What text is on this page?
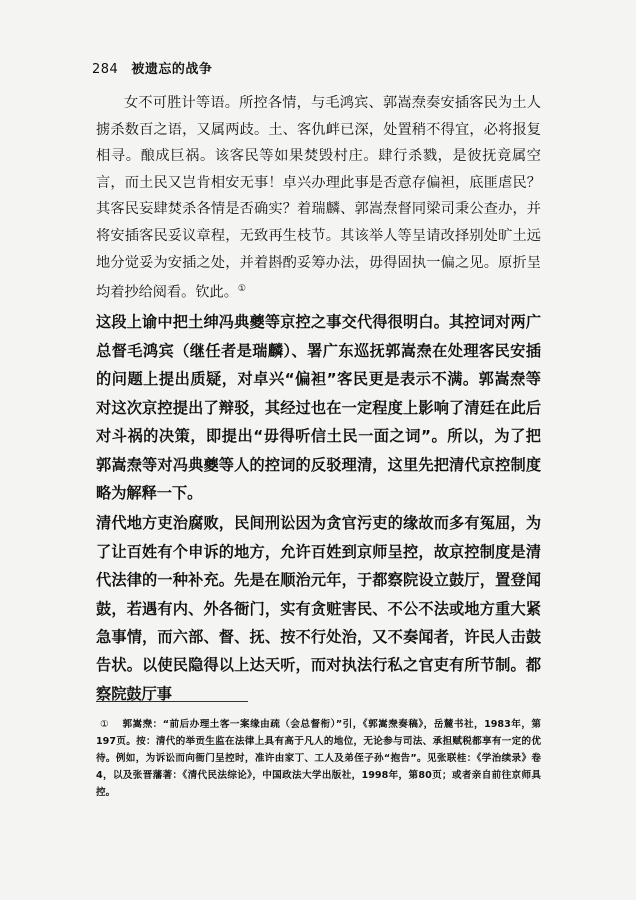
284 被遗忘的战争

女不可胜计等语。所控各情，与毛鸿宾、郭嵩焘奏安插客民为土人掳杀数百之语，又属两歧。土、客仇衅已深，处置稍不得宜，必将报复相寻。酿成巨祸。该客民等如果焚毁村庄。肆行杀戮，是彼抚竟属空言，而土民又岂肯相安无事！卓兴办理此事是否意存偏袒，底匪虐民？其客民妄肆焚杀各情是否确实？着瑞麟、郭嵩焘督同梁司秉公查办，并将安插客民妥议章程，无致再生枝节。其该举人等呈请改择别处旷土远地分觉妥为安插之处，并着斟酌妥筹办法，毋得固执一偏之见。原折呈均着抄给阅看。钦此。①

这段上谕中把土绅冯典夔等京控之事交代得很明白。其控词对两广总督毛鸿宾（继任者是瑞麟）、署广东巡抚郭嵩焘在处理客民安插的问题上提出质疑，对卓兴“偏袒”客民更是表示不满。郭嵩焘等对这次京控提出了辩驳，其经过也在一定程度上影响了清廷在此后对斗祸的决策，即提出“毋得听信土民一面之词”。所以，为了把郭嵩焘等对冯典夔等人的控词的反驳理清，这里先把清代京控制度略为解释一下。

清代地方吏治腐败，民间刑讼因为贪官污吏的缘故而多有冤屈，为了让百姓有个申诉的地方，允许百姓到京师呈控，故京控制度是清代法律的一种补充。先是在顺治元年，于都察院设立鼓厅，置登闻鼓，若遇有内、外各衙门，实有贪赃害民、不公不法或地方重大紧急事情，而六部、督、抚、按不行处治，又不奏闻者，许民人击鼓告状。以使民隐得以上达天听，而对执法行私之官吏有所节制。都察院鼓厅事

① 郭嵩焘：“前后办理土客一案缘由疏（会总督衔）”引，《郭嵩焘奏稿》，岳麓书社，1983年，第197页。按：清代的举贡生监在法律上具有高于凡人的地位，无论参与司法、承担赋税都享有一定的优待。例如，为诉讼而向衙门呈控时，准许由家丁、工人及弟侄子孙“抱告”。见张联桂：《学治续录》卷4，以及张晋藩著：《清代民法综论》，中国政法大学出版社，1998年，第80页；或者亲自前往京师具控。
